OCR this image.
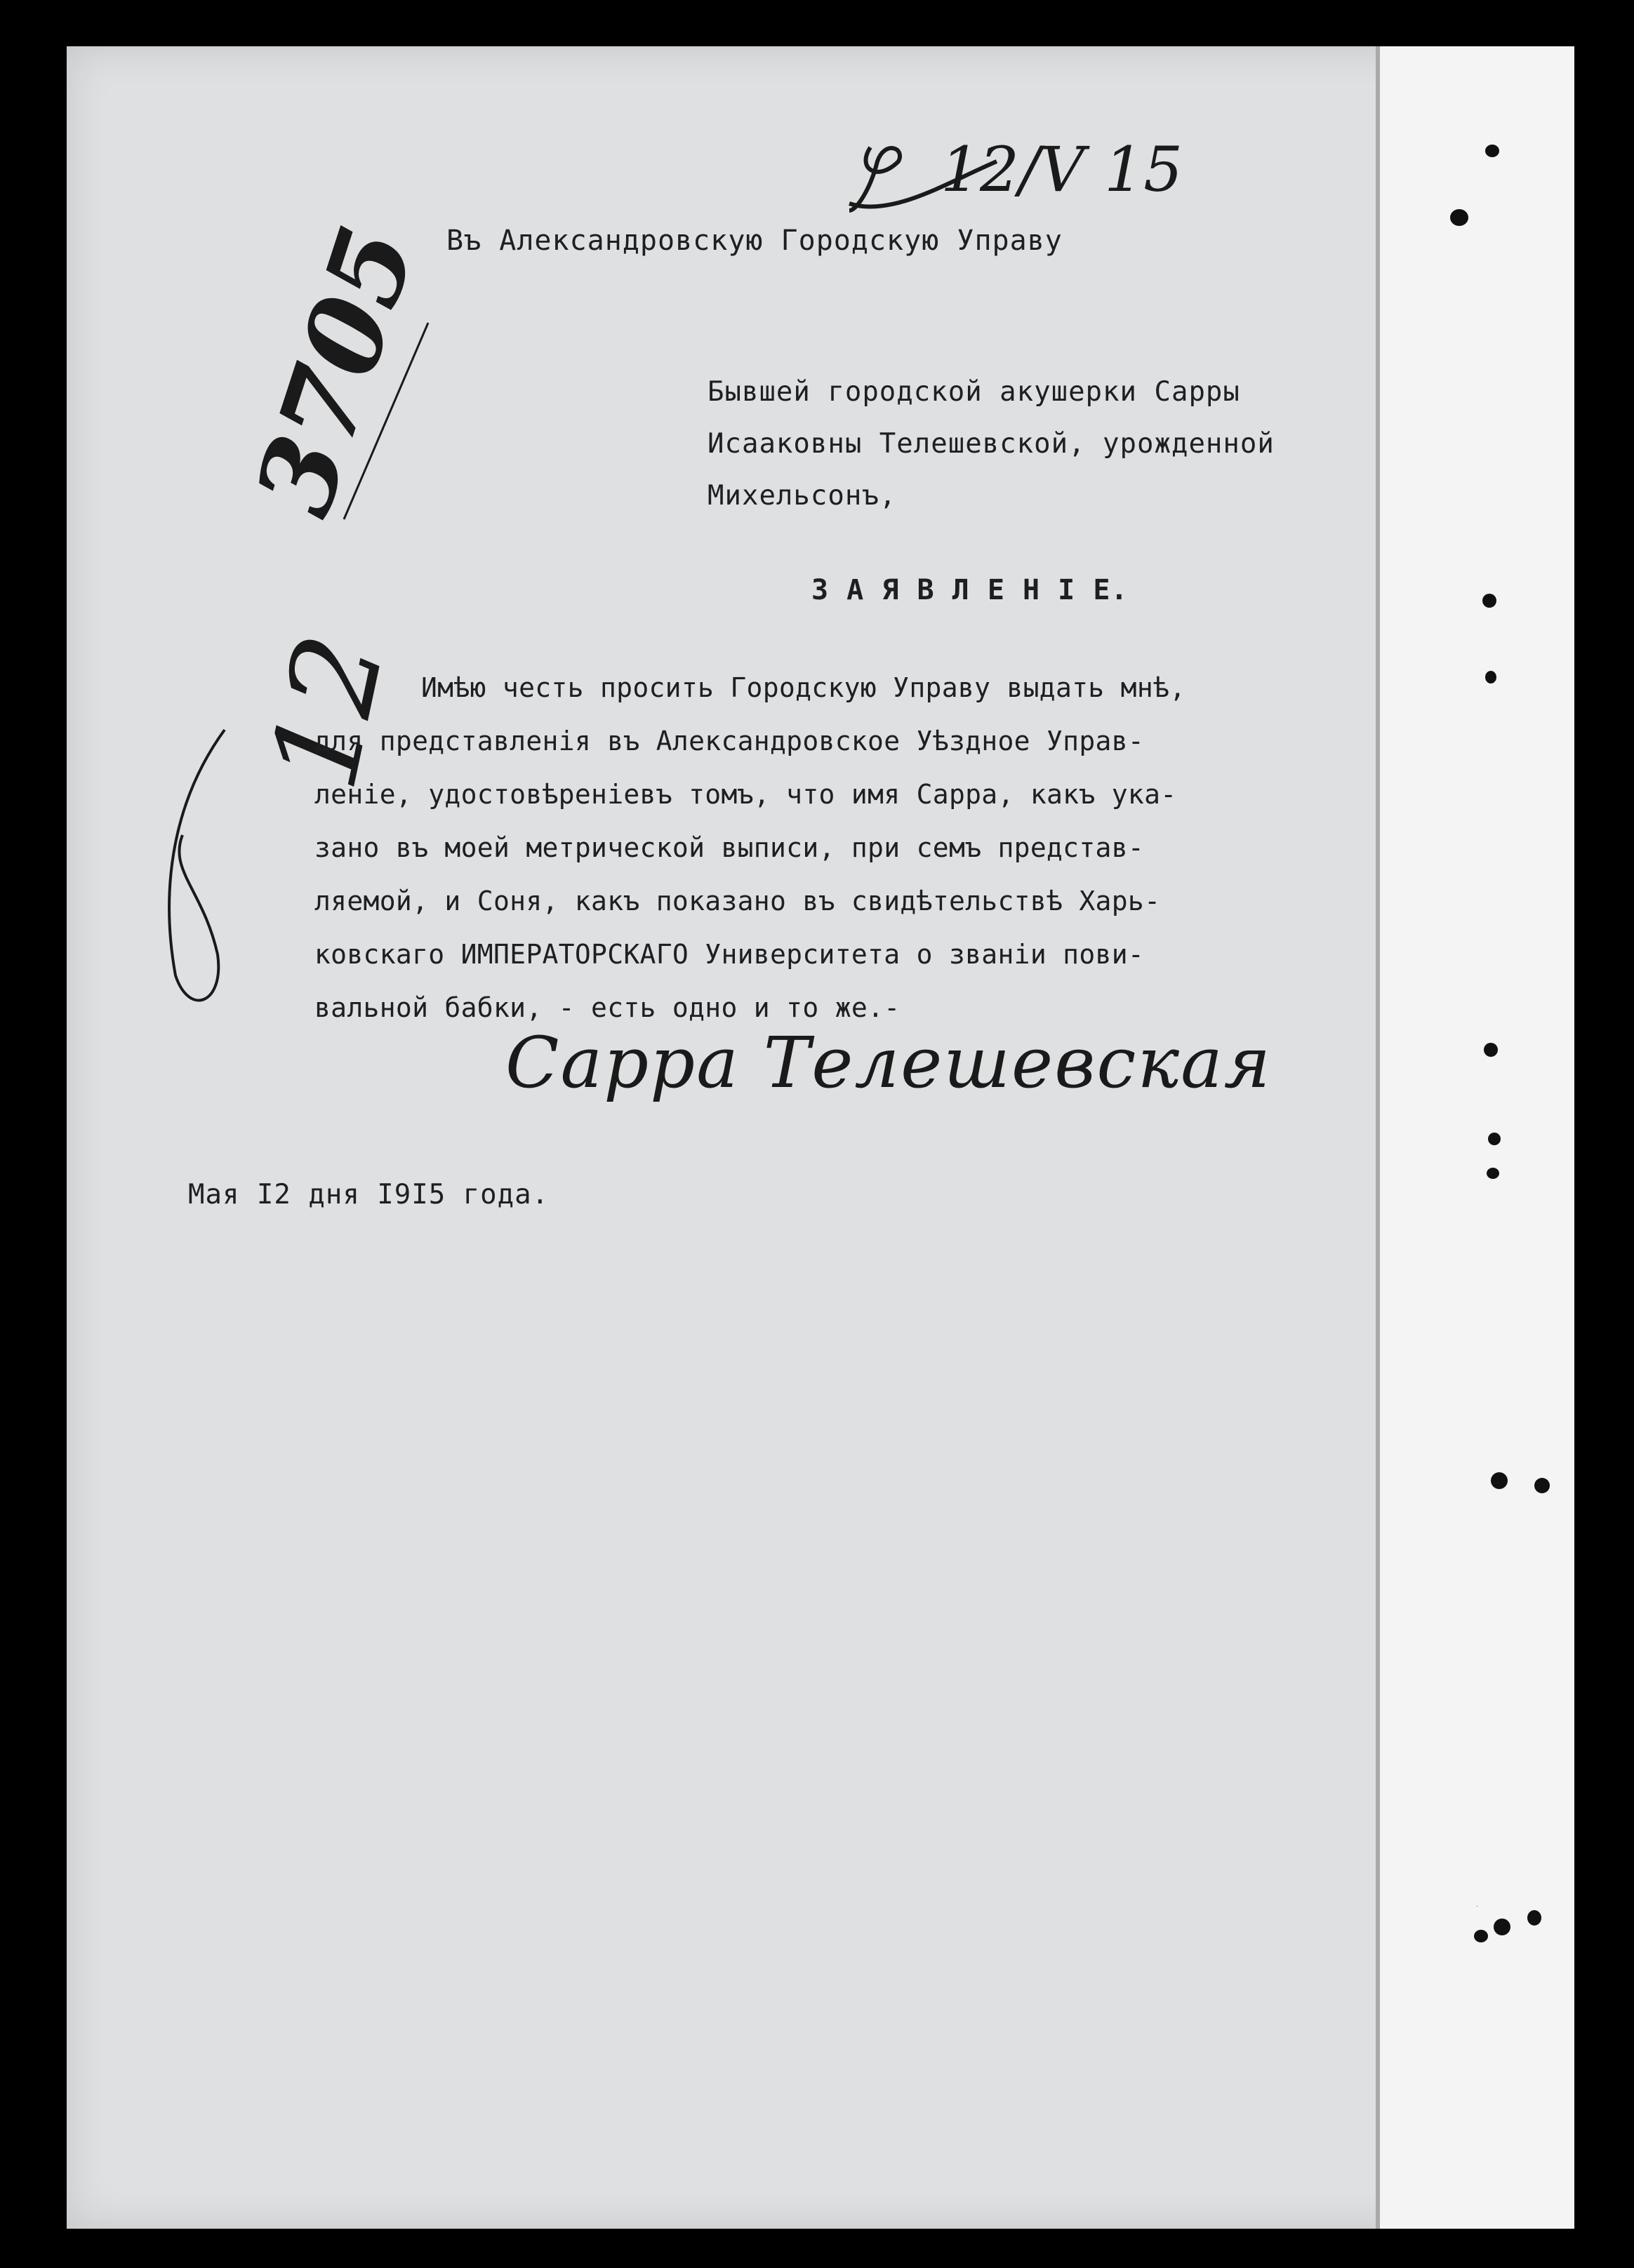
12/V 15
Въ Александровскую Городскую Управу
3705	Бывшей городской акушерки Сарры
Исааковны Телешевской, урожденной
Михельсонъ,
З А Я В Л Е Н І Е.
12 Имѣю честь просить Городскую Управу выдать мнѣ,
для представленія въ Александровское Уѣздное Управ-
леніе, удостовѣреніевъ томъ, что имя Сарра, какъ ука-
зано въ моей метрической выписи, при семъ представ-
ляемой, и Соня, какъ показано въ свидѣтельствѣ Харь-
ковскаго ИМПЕРАТОРСКАГО Университета о званіи пови-
вальной бабки, - есть одно и то же.-
Сарра Телешевская
Мая I2 дня I9I5 года.
